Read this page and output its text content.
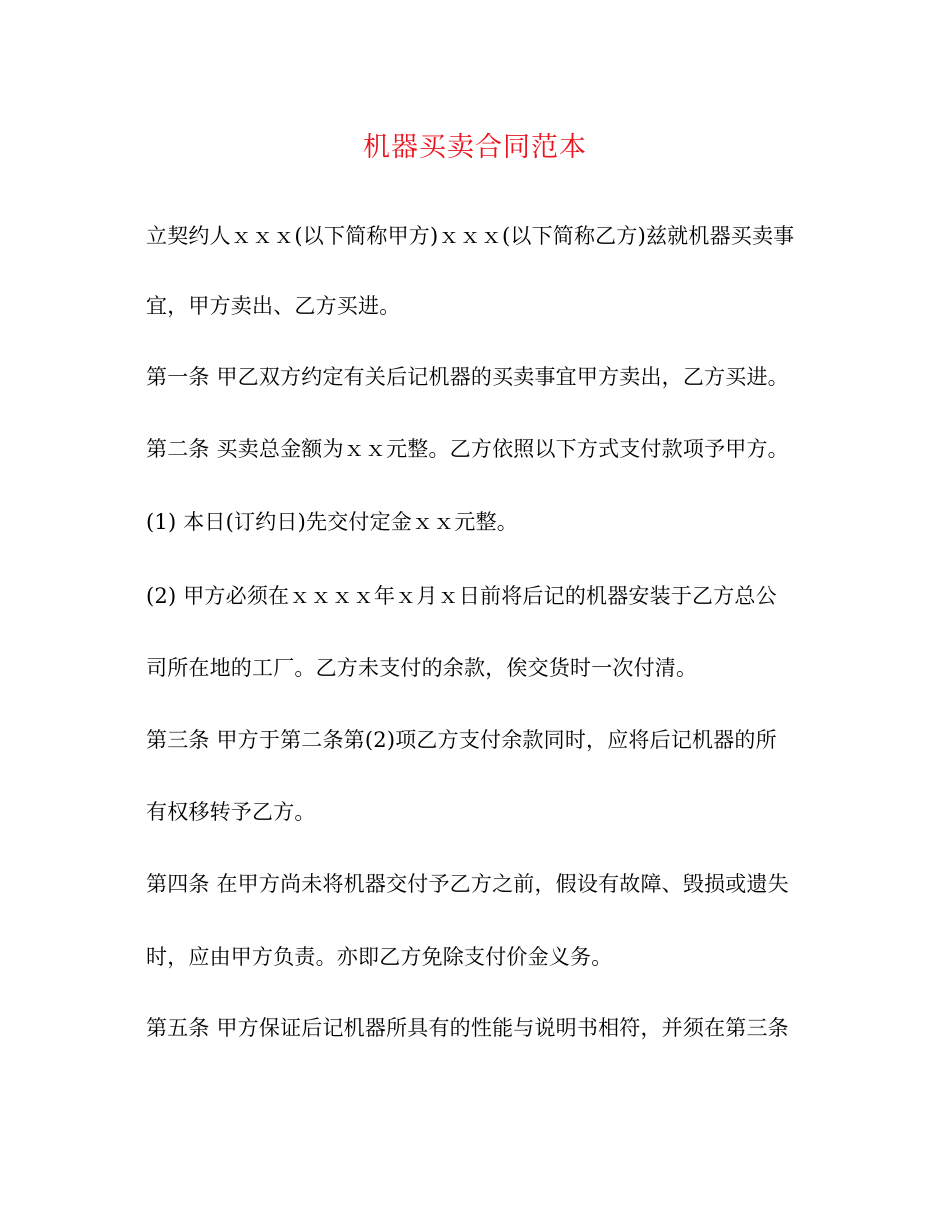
机器买卖合同范本

立契约人ｘｘｘ(以下简称甲方)ｘｘｘ(以下简称乙方)兹就机器买卖事

宜，甲方卖出、乙方买进。

第一条 甲乙双方约定有关后记机器的买卖事宜甲方卖出，乙方买进。

第二条 买卖总金额为ｘｘ元整。乙方依照以下方式支付款项予甲方。

(1) 本日(订约日)先交付定金ｘｘ元整。

(2) 甲方必须在ｘｘｘｘ年ｘ月ｘ日前将后记的机器安装于乙方总公

司所在地的工厂。乙方未支付的余款，俟交货时一次付清。

第三条 甲方于第二条第(2)项乙方支付余款同时，应将后记机器的所

有权移转予乙方。

第四条 在甲方尚未将机器交付予乙方之前，假设有故障、毁损或遗失

时，应由甲方负责。亦即乙方免除支付价金义务。

第五条 甲方保证后记机器所具有的性能与说明书相符，并须在第三条
